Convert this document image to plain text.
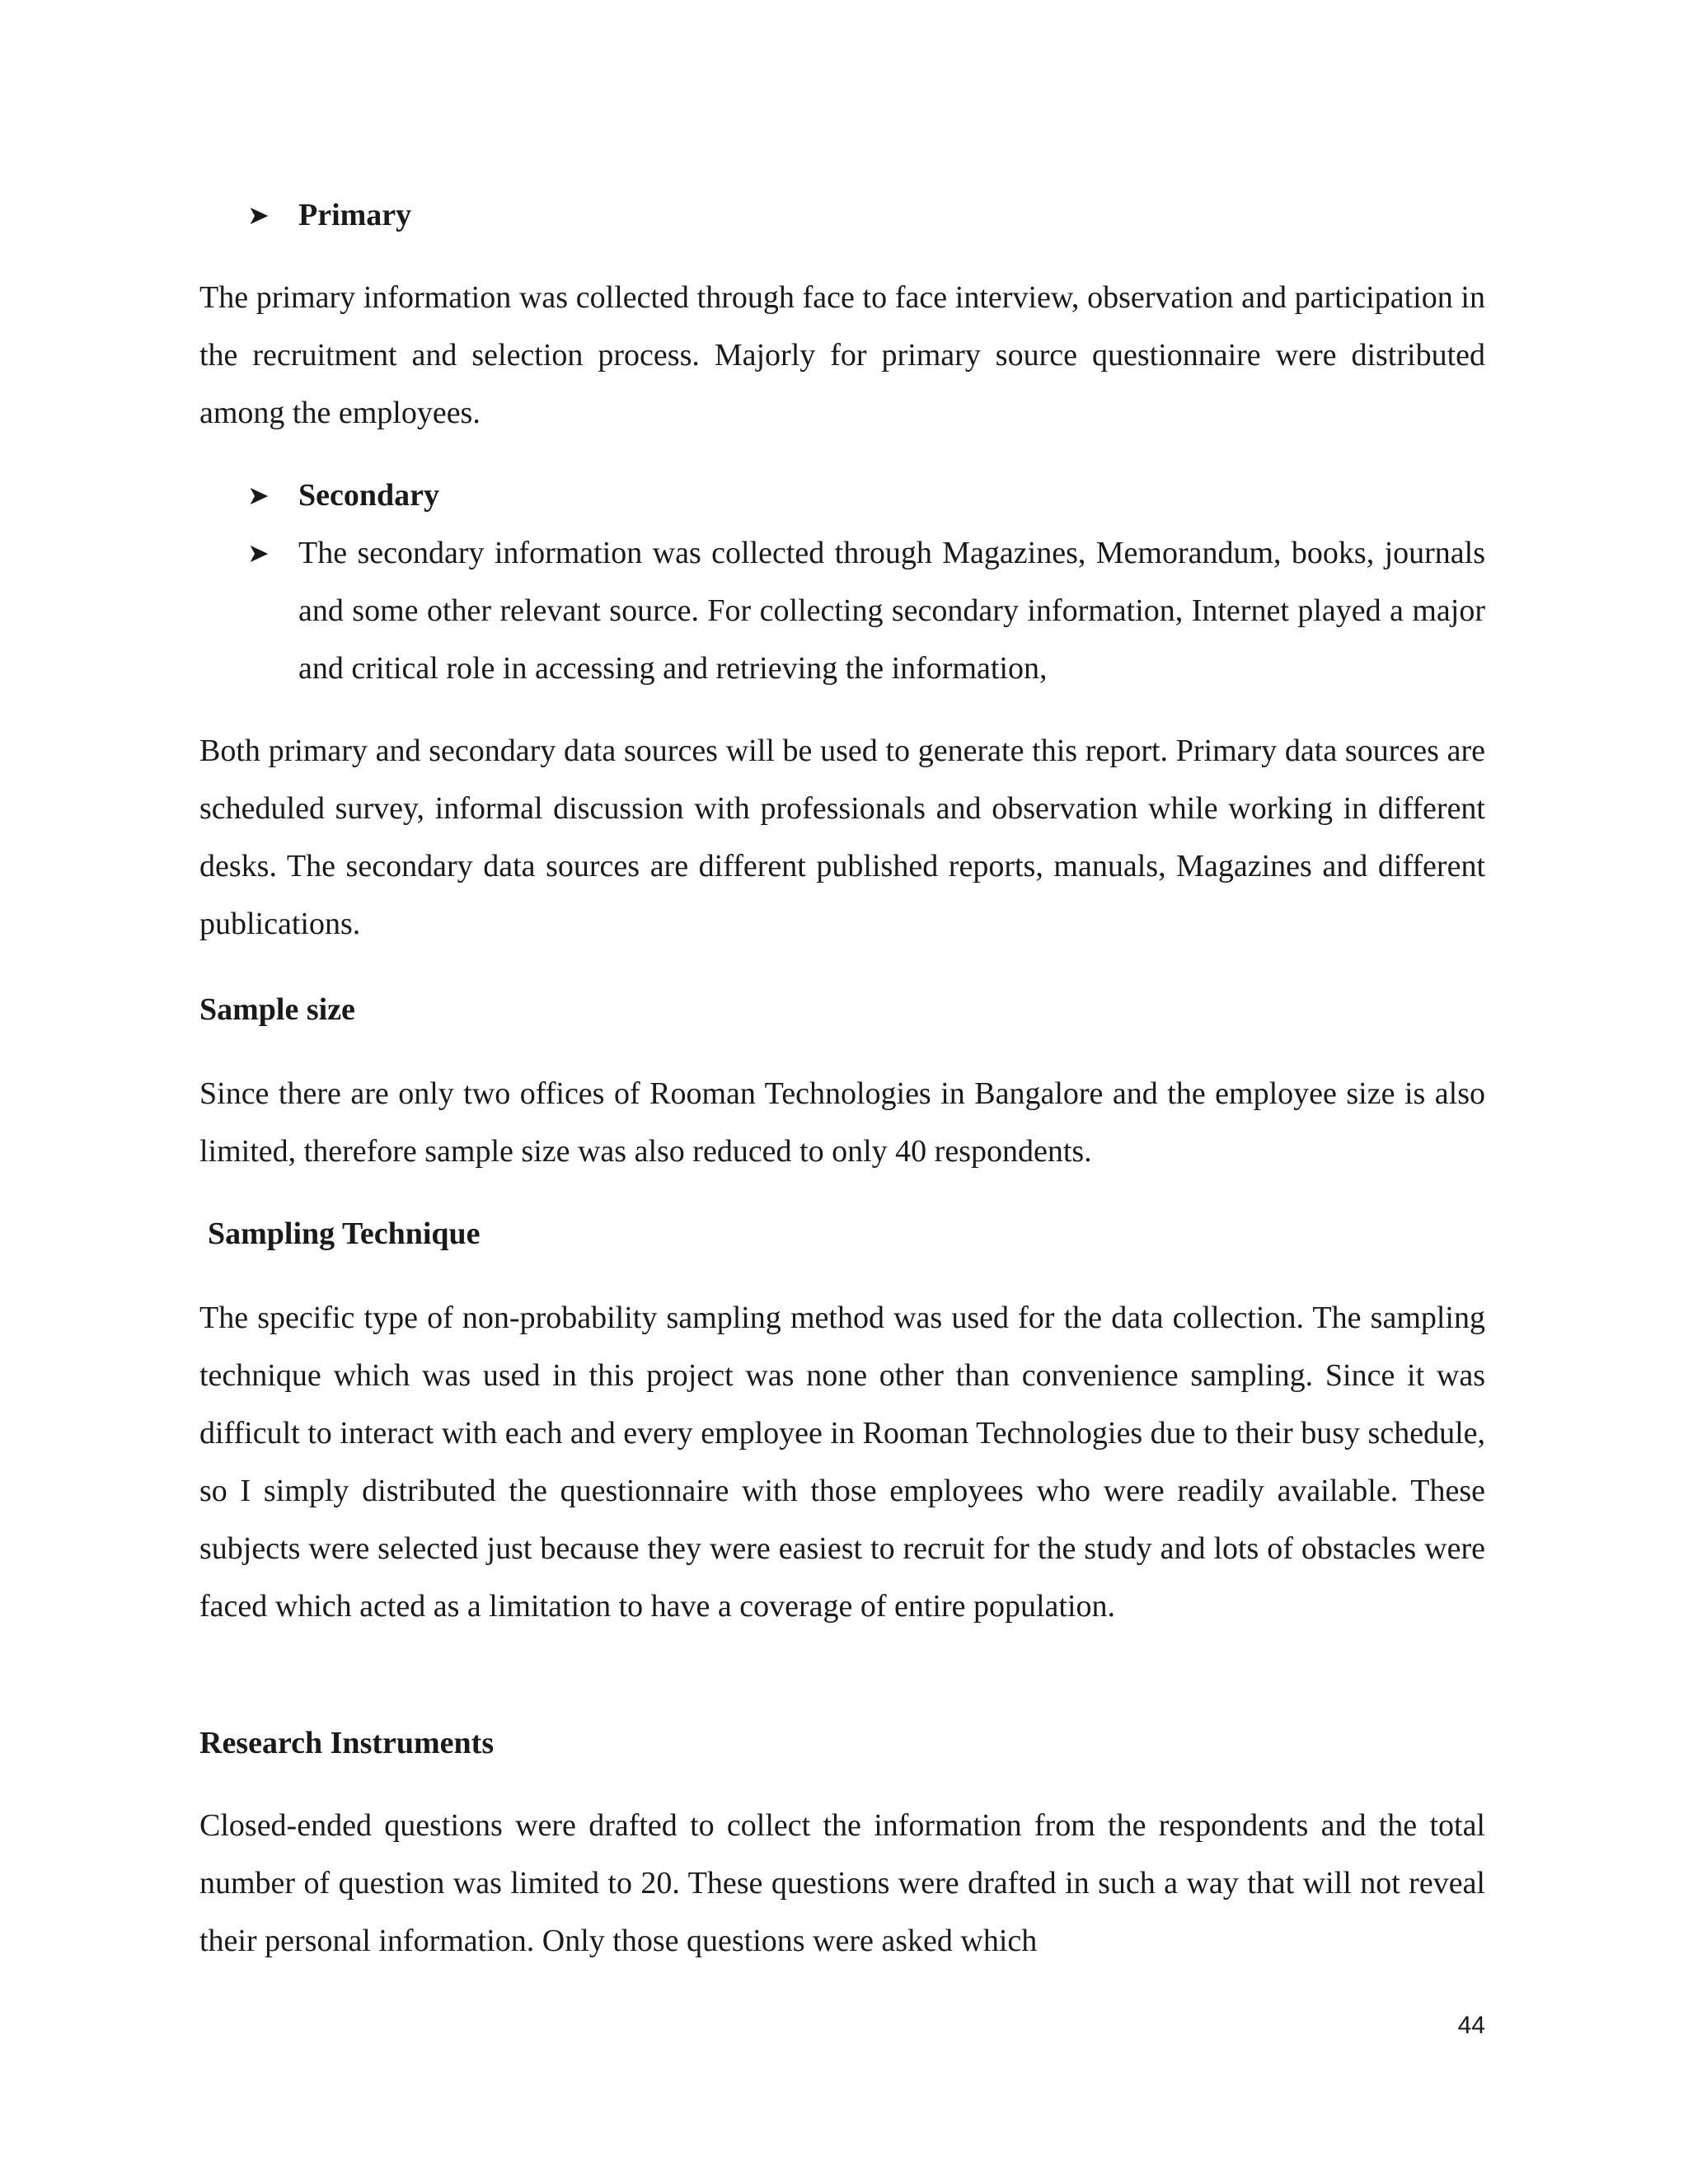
➤ Primary

The primary information was collected through face to face interview, observation and participation in the recruitment and selection process. Majorly for primary source questionnaire were distributed among the employees.

➤ Secondary
➤ The secondary information was collected through Magazines, Memorandum, books, journals and some other relevant source. For collecting secondary information, Internet played a major and critical role in accessing and retrieving the information,

Both primary and secondary data sources will be used to generate this report. Primary data sources are scheduled survey, informal discussion with professionals and observation while working in different desks. The secondary data sources are different published reports, manuals, Magazines and different publications.

Sample size

Since there are only two offices of Rooman Technologies in Bangalore and the employee size is also limited, therefore sample size was also reduced to only 40 respondents.

Sampling Technique

The specific type of non-probability sampling method was used for the data collection. The sampling technique which was used in this project was none other than convenience sampling. Since it was difficult to interact with each and every employee in Rooman Technologies due to their busy schedule, so I simply distributed the questionnaire with those employees who were readily available. These subjects were selected just because they were easiest to recruit for the study and lots of obstacles were faced which acted as a limitation to have a coverage of entire population.

Research Instruments

Closed-ended questions were drafted to collect the information from the respondents and the total number of question was limited to 20. These questions were drafted in such a way that will not reveal their personal information. Only those questions were asked which

44
